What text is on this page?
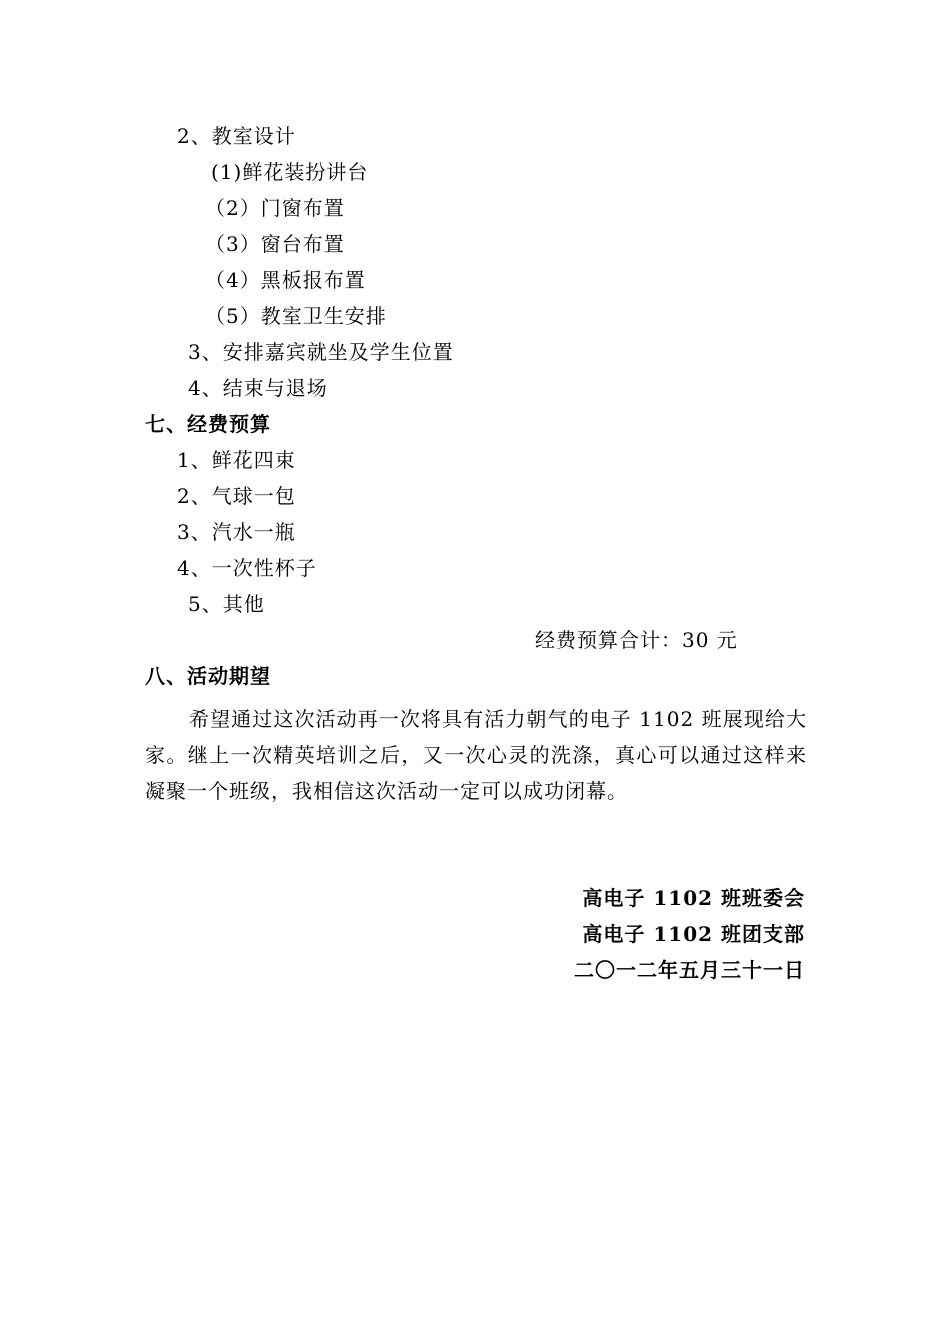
2、教室设计
(1)鲜花装扮讲台
（2）门窗布置
（3）窗台布置
（4）黑板报布置
（5）教室卫生安排
3、安排嘉宾就坐及学生位置
4、结束与退场
七、经费预算
1、鲜花四束
2、气球一包
3、汽水一瓶
4、一次性杯子
5、其他
经费预算合计：30 元
八、活动期望
希望通过这次活动再一次将具有活力朝气的电子 1102 班展现给大家。继上一次精英培训之后，又一次心灵的洗涤，真心可以通过这样来凝聚一个班级，我相信这次活动一定可以成功闭幕。
高电子 1102 班班委会
高电子 1102 班团支部
二〇一二年五月三十一日
